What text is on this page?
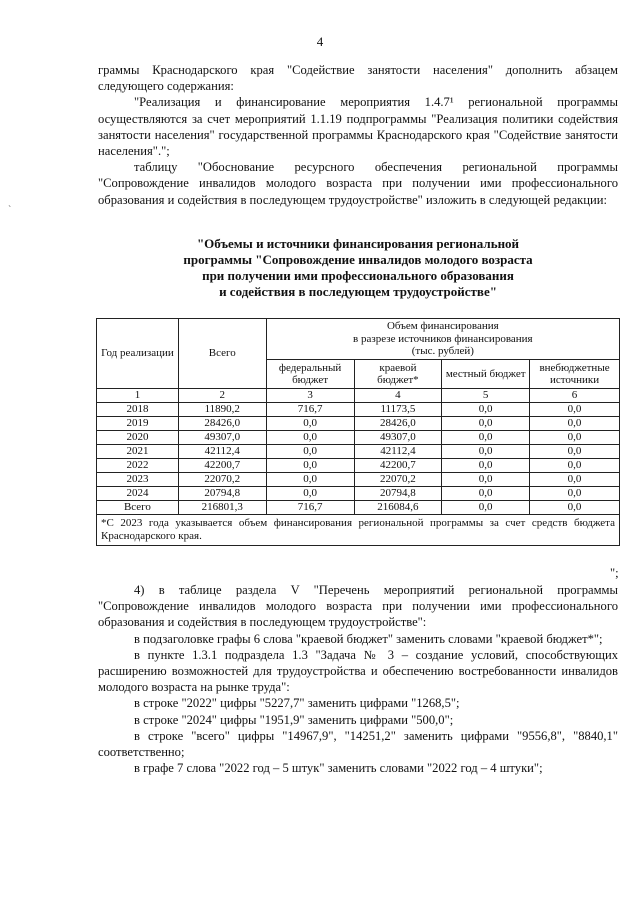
4
`

граммы Краснодарского края "Содействие занятости населения" дополнить абзацем следующего содержания:

"Реализация и финансирование мероприятия 1.4.7¹ региональной программы осуществляются за счет мероприятий 1.1.19 подпрограммы "Реализация политики содействия занятости населения" государственной программы Краснодарского края "Содействие занятости населения".";

таблицу "Обоснование ресурсного обеспечения региональной программы "Сопровождение инвалидов молодого возраста при получении ими профессионального образования и содействия в последующем трудоустройстве" изложить в следующей редакции:

"Объемы и источники финансирования региональной
программы "Сопровождение инвалидов молодого возраста
при получении ими профессионального образования
и содействия в последующем трудоустройстве"
Год реализации	Всего	Объем финансирования
в разрезе источников финансирования
(тыс. рублей)			

		федеральный бюджет	краевой бюджет*	местный бюджет	внебюджетные источники
1	2	3	4	5	6
2018	11890,2	716,7	11173,5	0,0	0,0
2019	28426,0	0,0	28426,0	0,0	0,0
2020	49307,0	0,0	49307,0	0,0	0,0
2021	42112,4	0,0	42112,4	0,0	0,0
2022	42200,7	0,0	42200,7	0,0	0,0
2023	22070,2	0,0	22070,2	0,0	0,0
2024	20794,8	0,0	20794,8	0,0	0,0
Всего	216801,3	716,7	216084,6	0,0	0,0
*С 2023 года указывается объем финансирования региональной программы за счет средств бюджета Краснодарского края.					
";

4) в таблице раздела V "Перечень мероприятий региональной программы "Сопровождение инвалидов молодого возраста при получении ими профессионального образования и содействия в последующем трудоустройстве":

в подзаголовке графы 6 слова "краевой бюджет" заменить словами "краевой бюджет*";

в пункте 1.3.1 подраздела 1.3 "Задача № 3 – создание условий, способствующих расширению возможностей для трудоустройства и обеспечению востребованности инвалидов молодого возраста на рынке труда":

в строке "2022" цифры "5227,7" заменить цифрами "1268,5";

в строке "2024" цифры "1951,9" заменить цифрами "500,0";

в строке "всего" цифры "14967,9", "14251,2" заменить цифрами "9556,8", "8840,1" соответственно;

в графе 7 слова "2022 год – 5 штук" заменить словами "2022 год – 4 штуки";
